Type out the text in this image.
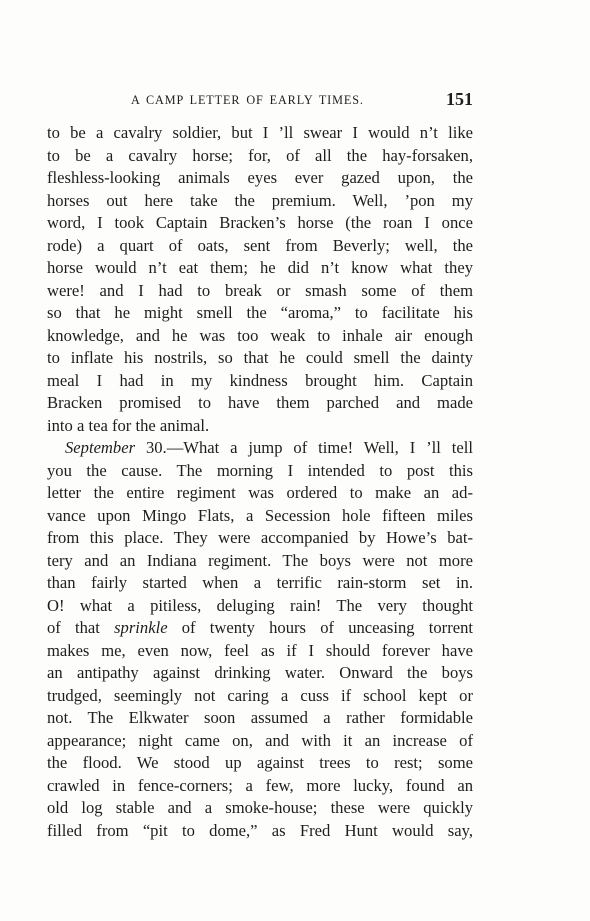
A CAMP LETTER OF EARLY TIMES.	151
to be a cavalry soldier, but I ’ll swear I would n’t like
to be a cavalry horse; for, of all the hay-forsaken,
fleshless-looking animals eyes ever gazed upon, the
horses out here take the premium. Well, ’pon my
word, I took Captain Bracken’s horse (the roan I once
rode) a quart of oats, sent from Beverly; well, the
horse would n’t eat them; he did n’t know what they
were! and I had to break or smash some of them
so that he might smell the “aroma,” to facilitate his
knowledge, and he was too weak to inhale air enough
to inflate his nostrils, so that he could smell the dainty
meal I had in my kindness brought him. Captain
Bracken promised to have them parched and made
into a tea for the animal.
September 30.—What a jump of time! Well, I ’ll tell
you the cause. The morning I intended to post this
letter the entire regiment was ordered to make an ad-
vance upon Mingo Flats, a Secession hole fifteen miles
from this place. They were accompanied by Howe’s bat-
tery and an Indiana regiment. The boys were not more
than fairly started when a terrific rain-storm set in.
O! what a pitiless, deluging rain! The very thought
of that sprinkle of twenty hours of unceasing torrent
makes me, even now, feel as if I should forever have
an antipathy against drinking water. Onward the boys
trudged, seemingly not caring a cuss if school kept or
not. The Elkwater soon assumed a rather formidable
appearance; night came on, and with it an increase of
the flood. We stood up against trees to rest; some
crawled in fence-corners; a few, more lucky, found an
old log stable and a smoke-house; these were quickly
filled from “pit to dome,” as Fred Hunt would say,
